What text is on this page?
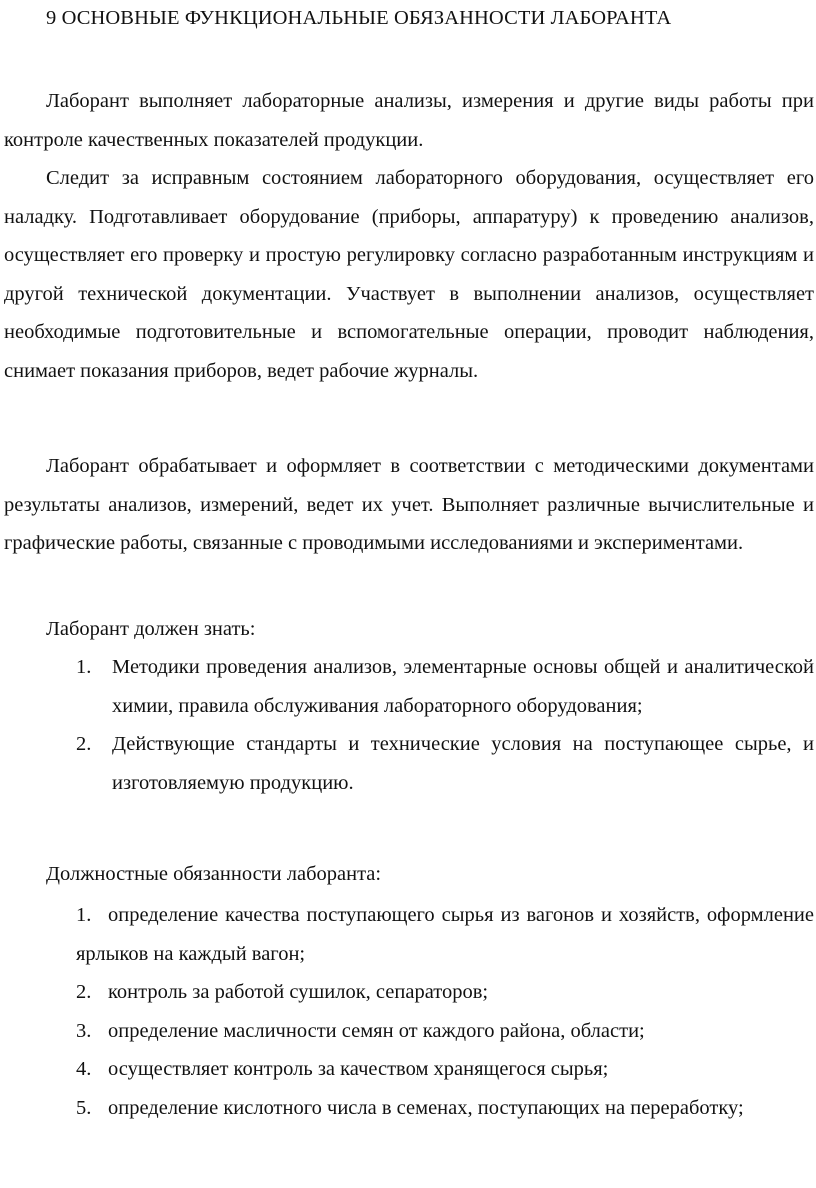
9 ОСНОВНЫЕ ФУНКЦИОНАЛЬНЫЕ ОБЯЗАННОСТИ ЛАБОРАНТА

Лаборант выполняет лабораторные анализы, измерения и другие виды работы при контроле качественных показателей продукции.

Следит за исправным состоянием лабораторного оборудования, осуществляет его наладку. Подготавливает оборудование (приборы, аппаратуру) к проведению анализов, осуществляет его проверку и простую регулировку согласно разработанным инструкциям и другой технической документации. Участвует в выполнении анализов, осуществляет необходимые подготовительные и вспомогательные операции, проводит наблюдения, снимает показания приборов, ведет рабочие журналы.

Лаборант обрабатывает и оформляет в соответствии с методическими документами результаты анализов, измерений, ведет их учет. Выполняет различные вычислительные и графические работы, связанные с проводимыми исследованиями и экспериментами.

Лаборант должен знать:
1. Методики проведения анализов, элементарные основы общей и аналитической химии, правила обслуживания лабораторного оборудования;
2. Действующие стандарты и технические условия на поступающее сырье, и изготовляемую продукцию.
Должностные обязанности лаборанта:
1. определение качества поступающего сырья из вагонов и хозяйств, оформление ярлыков на каждый вагон;
2. контроль за работой сушилок, сепараторов;
3. определение масличности семян от каждого района, области;
4. осуществляет контроль за качеством хранящегося сырья;
5. определение кислотного числа в семенах, поступающих на переработку;
